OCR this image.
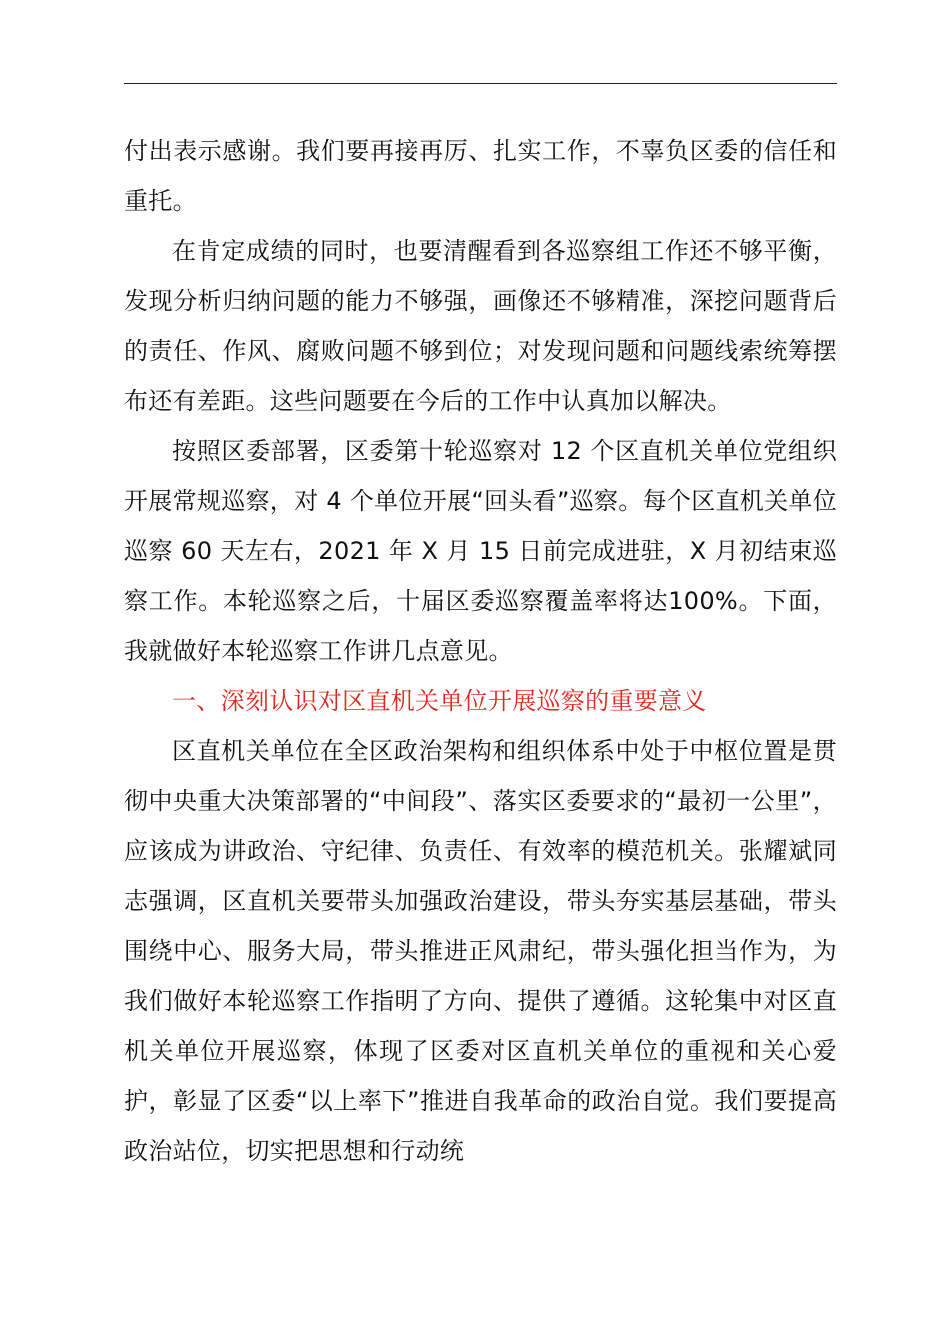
付出表示感谢。我们要再接再厉、扎实工作，不辜负区委的信任和重托。

在肯定成绩的同时，也要清醒看到各巡察组工作还不够平衡，发现分析归纳问题的能力不够强，画像还不够精准，深挖问题背后的责任、作风、腐败问题不够到位；对发现问题和问题线索统筹摆布还有差距。这些问题要在今后的工作中认真加以解决。

按照区委部署，区委第十轮巡察对 12 个区直机关单位党组织开展常规巡察，对 4 个单位开展“回头看”巡察。每个区直机关单位巡察 60 天左右，2021 年 X 月 15 日前完成进驻，X 月初结束巡察工作。本轮巡察之后，十届区委巡察覆盖率将达100%。下面，我就做好本轮巡察工作讲几点意见。

一、深刻认识对区直机关单位开展巡察的重要意义

区直机关单位在全区政治架构和组织体系中处于中枢位置是贯彻中央重大决策部署的“中间段”、落实区委要求的“最初一公里”，应该成为讲政治、守纪律、负责任、有效率的模范机关。张耀斌同志强调，区直机关要带头加强政治建设，带头夯实基层基础，带头围绕中心、服务大局，带头推进正风肃纪，带头强化担当作为，为我们做好本轮巡察工作指明了方向、提供了遵循。这轮集中对区直机关单位开展巡察，体现了区委对区直机关单位的重视和关心爱护，彰显了区委“以上率下”推进自我革命的政治自觉。我们要提高政治站位，切实把思想和行动统
